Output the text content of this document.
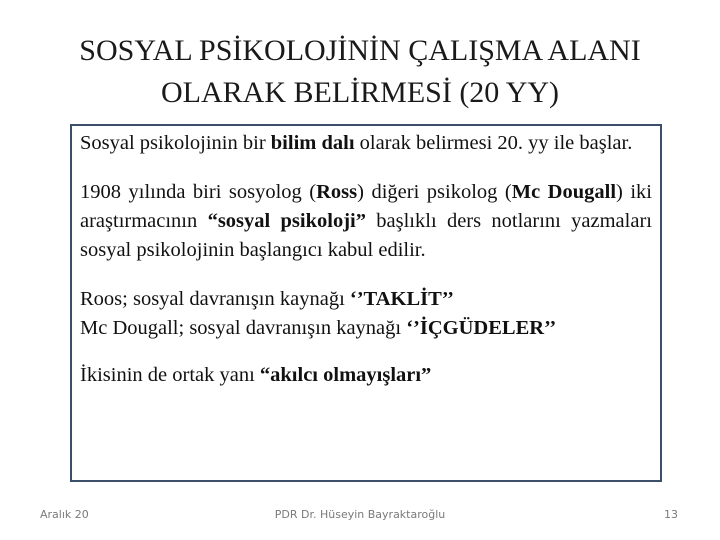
SOSYAL PSİKOLOJİNİN ÇALIŞMA ALANI
OLARAK BELİRMESİ (20 YY)

Sosyal psikolojinin bir bilim dalı olarak belirmesi 20. yy ile başlar.

1908 yılında biri sosyolog (Ross) diğeri psikolog (Mc Dougall) iki araştırmacının “sosyal psikoloji” başlıklı ders notlarını yazmaları sosyal psikolojinin başlangıcı kabul edilir.

Roos; sosyal davranışın kaynağı ‘’TAKLİT’’
Mc Dougall; sosyal davranışın kaynağı ‘’İÇGÜDELER’’

İkisinin de ortak yanı “akılcı olmayışları”

Aralık 20	PDR Dr. Hüseyin Bayraktaroğlu	13
